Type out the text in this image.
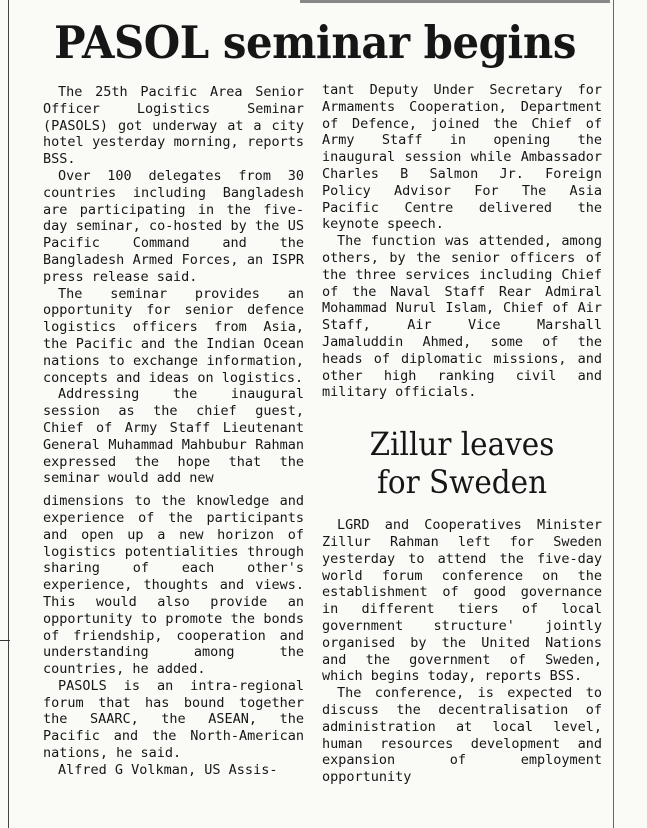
PASOL seminar begins

The 25th Pacific Area Senior Officer Logistics Seminar (PASOLS) got underway at a city hotel yesterday morning, reports BSS.

Over 100 delegates from 30 countries including Bangladesh are participating in the five-day seminar, co-hosted by the US Pacific Command and the Bangladesh Armed Forces, an ISPR press release said.

The seminar provides an opportunity for senior defence logistics officers from Asia, the Pacific and the Indian Ocean nations to exchange information, concepts and ideas on logistics.

Addressing the inaugural session as the chief guest, Chief of Army Staff Lieutenant General Muhammad Mahbubur Rahman expressed the hope that the seminar would add new

dimensions to the knowledge and experience of the participants and open up a new horizon of logistics potentialities through sharing of each other's experience, thoughts and views. This would also provide an opportunity to promote the bonds of friendship, cooperation and understanding among the countries, he added.

PASOLS is an intra-regional forum that has bound together the SAARC, the ASEAN, the Pacific and the North-American nations, he said.

Alfred G Volkman, US Assis-

tant Deputy Under Secretary for Armaments Cooperation, Department of Defence, joined the Chief of Army Staff in opening the inaugural session while Ambassador Charles B Salmon Jr. Foreign Policy Advisor For The Asia Pacific Centre delivered the keynote speech.

The function was attended, among others, by the senior officers of the three services including Chief of the Naval Staff Rear Admiral Mohammad Nurul Islam, Chief of Air Staff, Air Vice Marshall Jamaluddin Ahmed, some of the heads of diplomatic missions, and other high ranking civil and military officials.

Zillur leaves
for Sweden

LGRD and Cooperatives Minister Zillur Rahman left for Sweden yesterday to attend the five-day world forum conference on the establishment of good governance in different tiers of local government structure' jointly organised by the United Nations and the government of Sweden, which begins today, reports BSS.

The conference, is expected to discuss the decentralisation of administration at local level, human resources development and expansion of employment opportunity
